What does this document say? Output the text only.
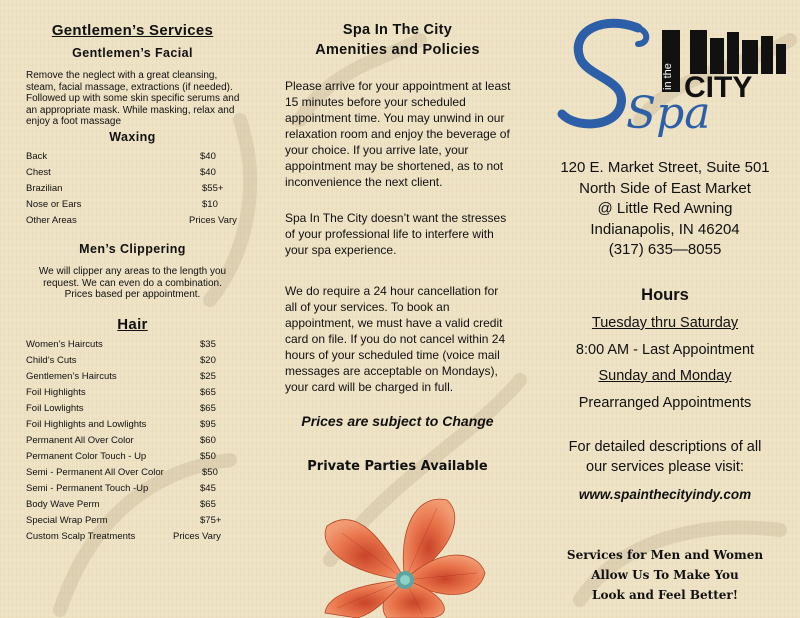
Gentlemen’s Services
Gentlemen’s Facial
Remove the neglect with a great cleansing,
steam, facial massage, extractions (if needed).
Followed up with some skin specific serums and
an appropriate mask. While masking, relax and
enjoy a foot massage
Waxing
Back	$40
Chest	$40
Brazilian	$55+
Nose or Ears	$10
Other Areas	Prices Vary
Men’s Clippering
We will clipper any areas to the length you
request. We can even do a combination.
Prices based per appointment.
Hair
Women’s Haircuts	$35
Child’s Cuts	$20
Gentlemen’s Haircuts	$25
Foil Highlights	$65
Foil Lowlights	$65
Foil Highlights and Lowlights	$95
Permanent All Over Color	$60
Permanent Color Touch - Up	$50
Semi - Permanent All Over Color	$50
Semi - Permanent Touch -Up	$45
Body Wave Perm	$65
Special Wrap Perm	$75+
Custom Scalp Treatments	Prices Vary
Spa In The City
Amenities and Policies
Please arrive for your appointment at least
15 minutes before your scheduled
appointment time. You may unwind in our
relaxation room and enjoy the beverage of
your choice. If you arrive late, your
appointment may be shortened, as to not
inconvenience the next client.
Spa In The City doesn’t want the stresses
of your professional life to interfere with
your spa experience.
We do require a 24 hour cancellation for
all of your services. To book an
appointment, we must have a valid credit
card on file. If you do not cancel within 24
hours of your scheduled time (voice mail
messages are acceptable on Mondays),
your card will be charged in full.
Prices are subject to Change
Private Parties Available
in the CITY
Spa
120 E. Market Street, Suite 501
North Side of East Market
@ Little Red Awning
Indianapolis, IN 46204
(317) 635—8055
Hours
Tuesday thru Saturday
8:00 AM - Last Appointment
Sunday and Monday
Prearranged Appointments
For detailed descriptions of all
our services please visit:
www.spainthecityindy.com
Services for Men and Women
Allow Us To Make You
Look and Feel Better!
